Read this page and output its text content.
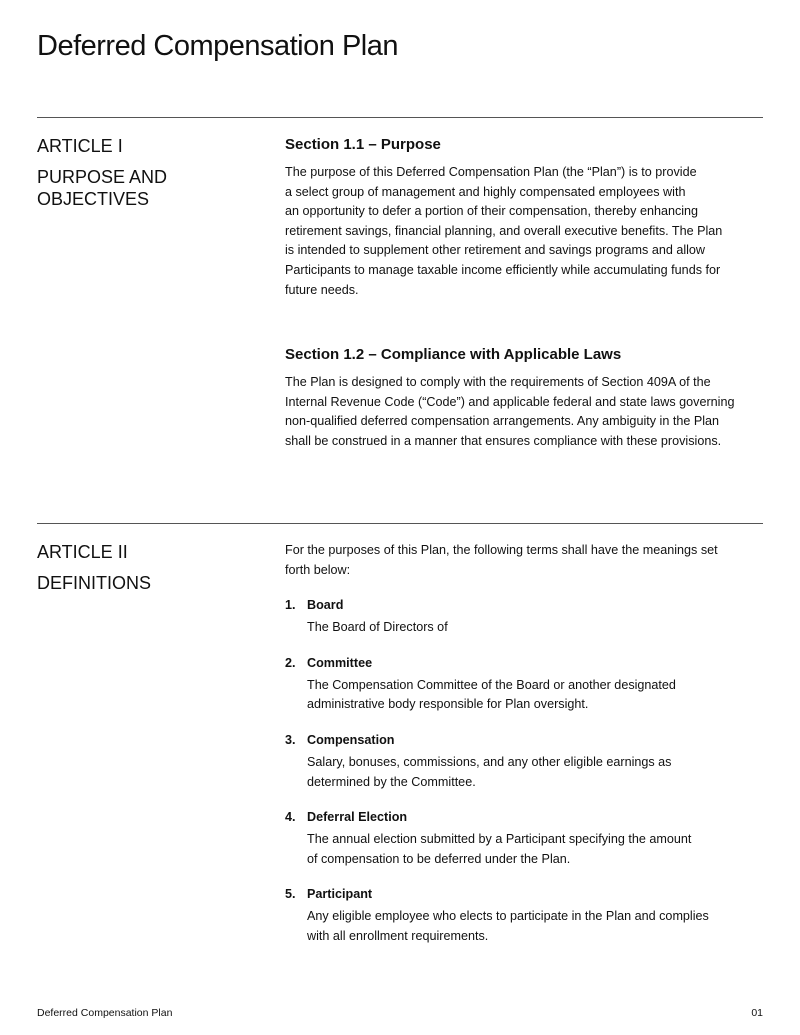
Deferred Compensation Plan
ARTICLE I
PURPOSE AND
OBJECTIVES
Section 1.1 – Purpose

The purpose of this Deferred Compensation Plan (the “Plan”) is to provide
a select group of management and highly compensated employees with
an opportunity to defer a portion of their compensation, thereby enhancing
retirement savings, financial planning, and overall executive benefits. The Plan
is intended to supplement other retirement and savings programs and allow
Participants to manage taxable income efficiently while accumulating funds for
future needs.

Section 1.2 – Compliance with Applicable Laws

The Plan is designed to comply with the requirements of Section 409A of the
Internal Revenue Code (“Code”) and applicable federal and state laws governing
non-qualified deferred compensation arrangements. Any ambiguity in the Plan
shall be construed in a manner that ensures compliance with these provisions.

ARTICLE II
DEFINITIONS

For the purposes of this Plan, the following terms shall have the meanings set
forth below:

1. Board
The Board of Directors of
2. Committee
The Compensation Committee of the Board or another designated
administrative body responsible for Plan oversight.
3. Compensation
Salary, bonuses, commissions, and any other eligible earnings as
determined by the Committee.
4. Deferral Election
The annual election submitted by a Participant specifying the amount
of compensation to be deferred under the Plan.
5. Participant
Any eligible employee who elects to participate in the Plan and complies
with all enrollment requirements.
Deferred Compensation Plan	01
